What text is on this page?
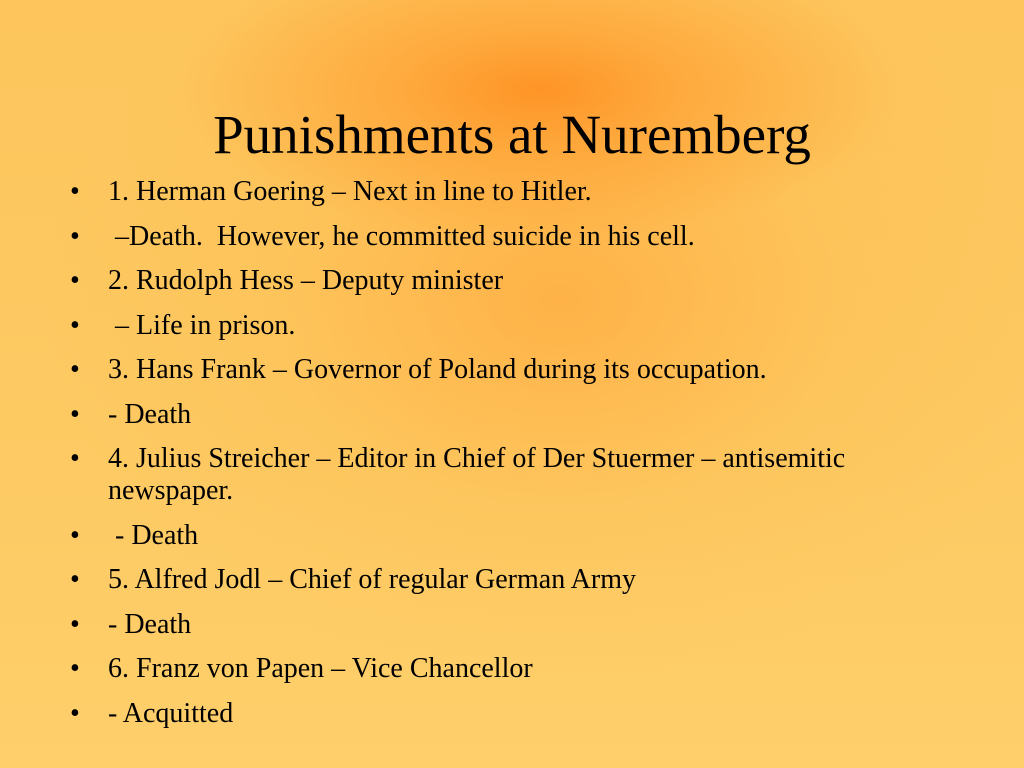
Punishments at Nuremberg
•	1. Herman Goering – Next in line to Hitler.
•	–Death.  However, he committed suicide in his cell.
•	2. Rudolph Hess – Deputy minister
•	– Life in prison.
•	3. Hans Frank – Governor of Poland during its occupation.
•	- Death
•	4. Julius Streicher – Editor in Chief of Der Stuermer – antisemitic newspaper.
•	- Death
•	5. Alfred Jodl – Chief of regular German Army
•	- Death
•	6. Franz von Papen – Vice Chancellor
•	- Acquitted
